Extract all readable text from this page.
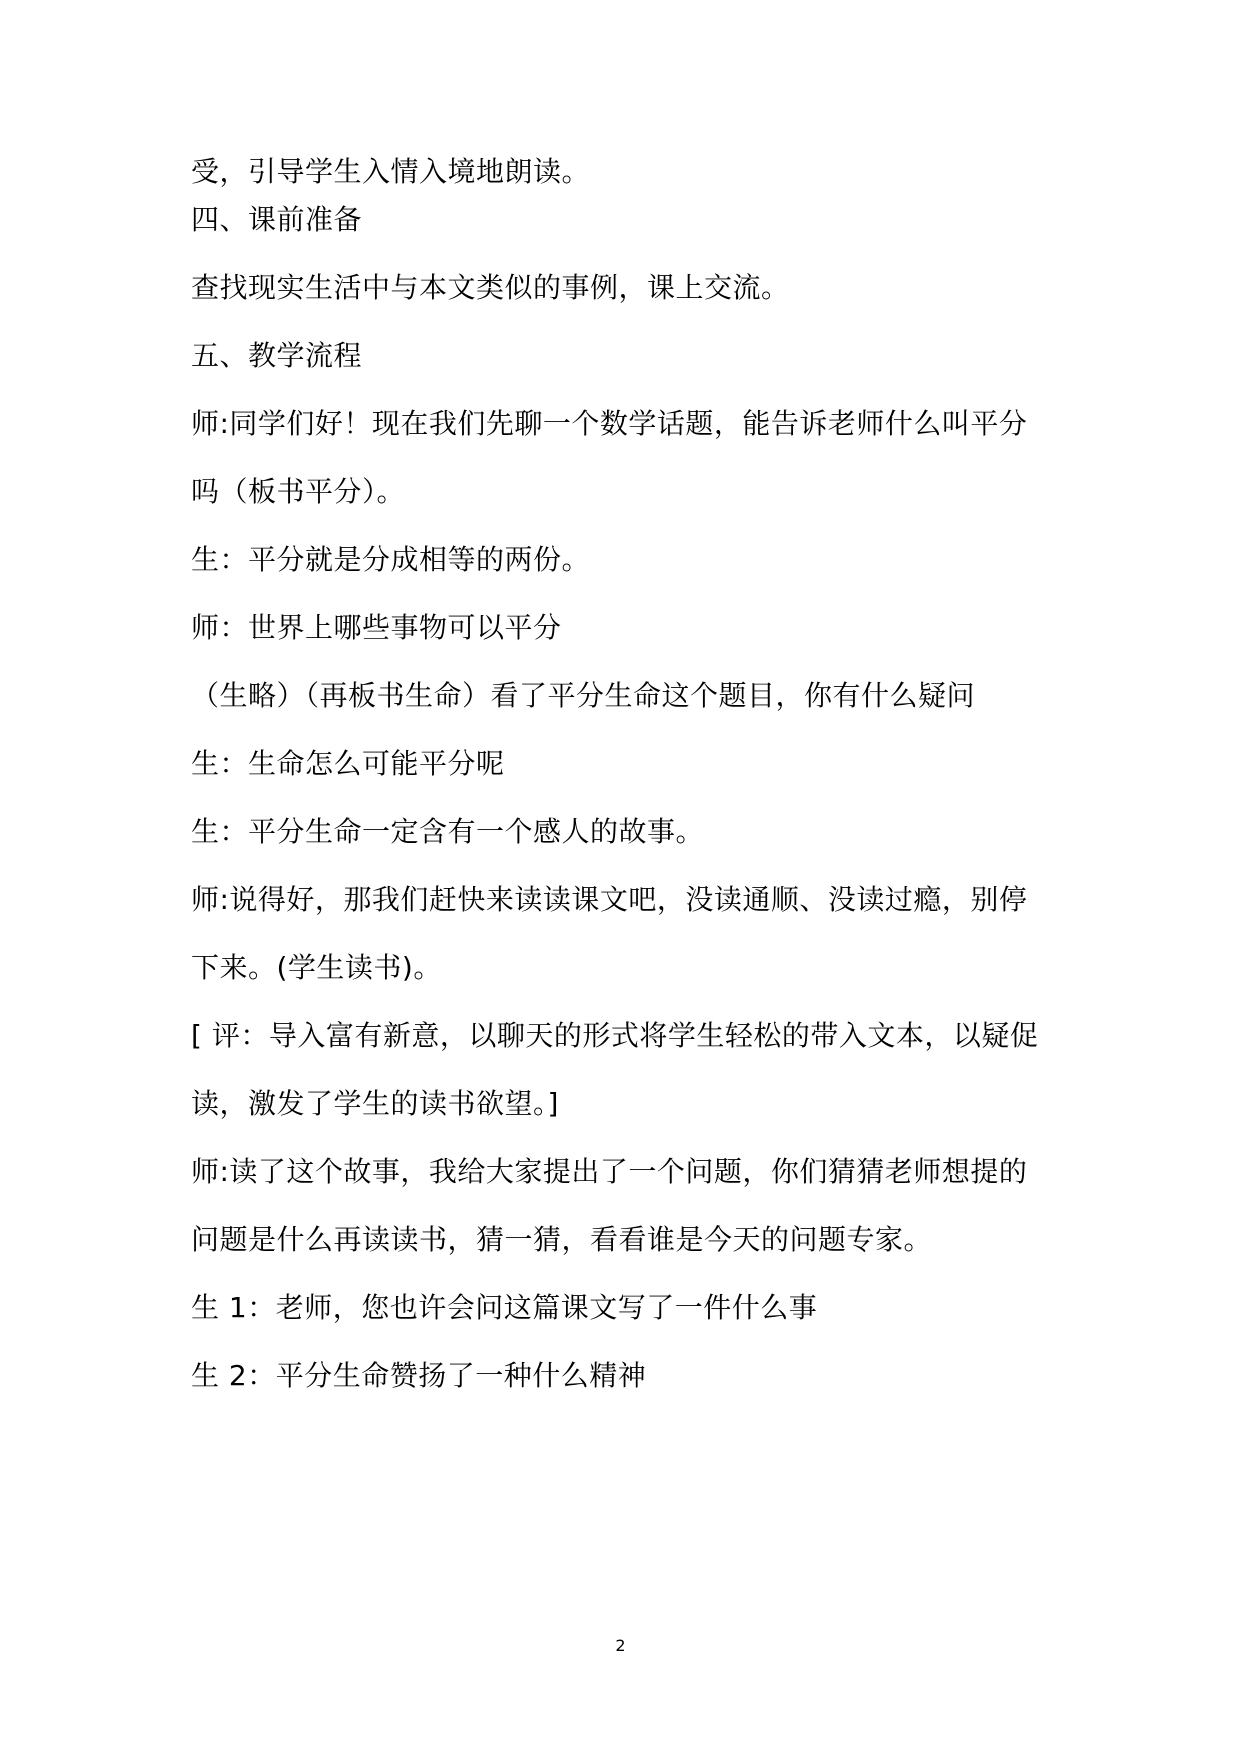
受，引导学生入情入境地朗读。
四、课前准备
查找现实生活中与本文类似的事例，课上交流。
五、教学流程
师:同学们好！现在我们先聊一个数学话题，能告诉老师什么叫平分
吗（板书平分）。
生：平分就是分成相等的两份。
师：世界上哪些事物可以平分
（生略）（再板书生命）看了平分生命这个题目，你有什么疑问
生：生命怎么可能平分呢
生：平分生命一定含有一个感人的故事。
师:说得好，那我们赶快来读读课文吧，没读通顺、没读过瘾，别停
下来。(学生读书)。
[ 评：导入富有新意，以聊天的形式将学生轻松的带入文本，以疑促
读，激发了学生的读书欲望。]
师:读了这个故事，我给大家提出了一个问题，你们猜猜老师想提的
问题是什么再读读书，猜一猜，看看谁是今天的问题专家。
生 1：老师，您也许会问这篇课文写了一件什么事
生 2：平分生命赞扬了一种什么精神
2
